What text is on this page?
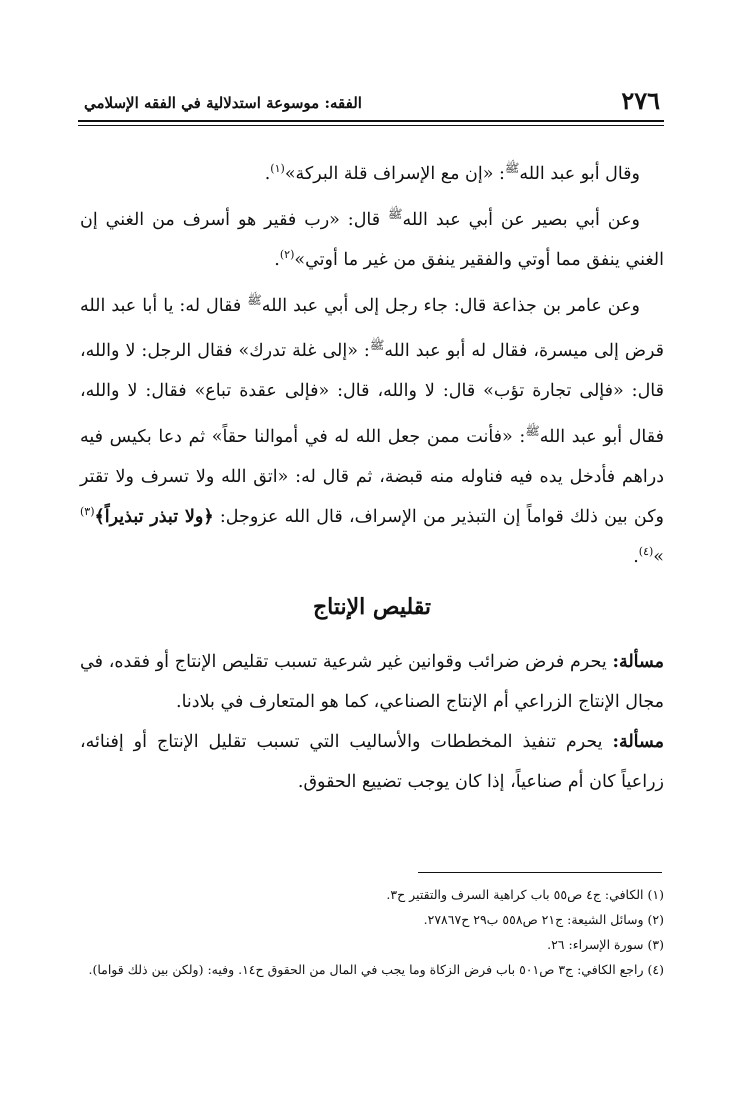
٢٧٦
الفقه: موسوعة استدلالية في الفقه الإسلامي

وقال أبو عبد الله$^ﷺ$: «إن مع الإسراف قلة البركة»$^{(١)}$.

وعن أبي بصير عن أبي عبد الله$^ﷺ$ قال: «رب فقير هو أسرف من الغني إن الغني ينفق مما أوتي والفقير ينفق من غير ما أوتي»$^{(٢)}$.

وعن عامر بن جذاعة قال: جاء رجل إلى أبي عبد الله$^ﷺ$ فقال له: يا أبا عبد الله قرض إلى ميسرة، فقال له أبو عبد الله$^ﷺ$: «إلى غلة تدرك» فقال الرجل: لا والله، قال: «فإلى تجارة تؤب» قال: لا والله، قال: «فإلى عقدة تباع» فقال: لا والله، فقال أبو عبد الله$^ﷺ$: «فأنت ممن جعل الله له في أموالنا حقاً» ثم دعا بكيس فيه دراهم فأدخل يده فيه فناوله منه قبضة، ثم قال له: «اتق الله ولا تسرف ولا تقتر وكن بين ذلك قواماً إن التبذير من الإسراف، قال الله عزوجل: ﴿ولا تبذر تبذيراً﴾$^{(٣)}$ »$^{(٤)}$.

تقليص الإنتاج

مسألة: يحرم فرض ضرائب وقوانين غير شرعية تسبب تقليص الإنتاج أو فقده، في مجال الإنتاج الزراعي أم الإنتاج الصناعي، كما هو المتعارف في بلادنا.

مسألة: يحرم تنفيذ المخططات والأساليب التي تسبب تقليل الإنتاج أو إفنائه، زراعياً كان أم صناعياً، إذا كان يوجب تضييع الحقوق.

(١) الكافي: ج٤ ص٥٥ باب كراهية السرف والتقتير ح٣.

(٢) وسائل الشيعة: ج٢١ ص٥٥٨ ب٢٩ ح٢٧٨٦٧.

(٣) سورة الإسراء: ٢٦.

(٤) راجع الكافي: ج٣ ص٥٠١ باب فرض الزكاة وما يجب في المال من الحقوق ح١٤. وفيه: (ولكن بين ذلك قواما).
